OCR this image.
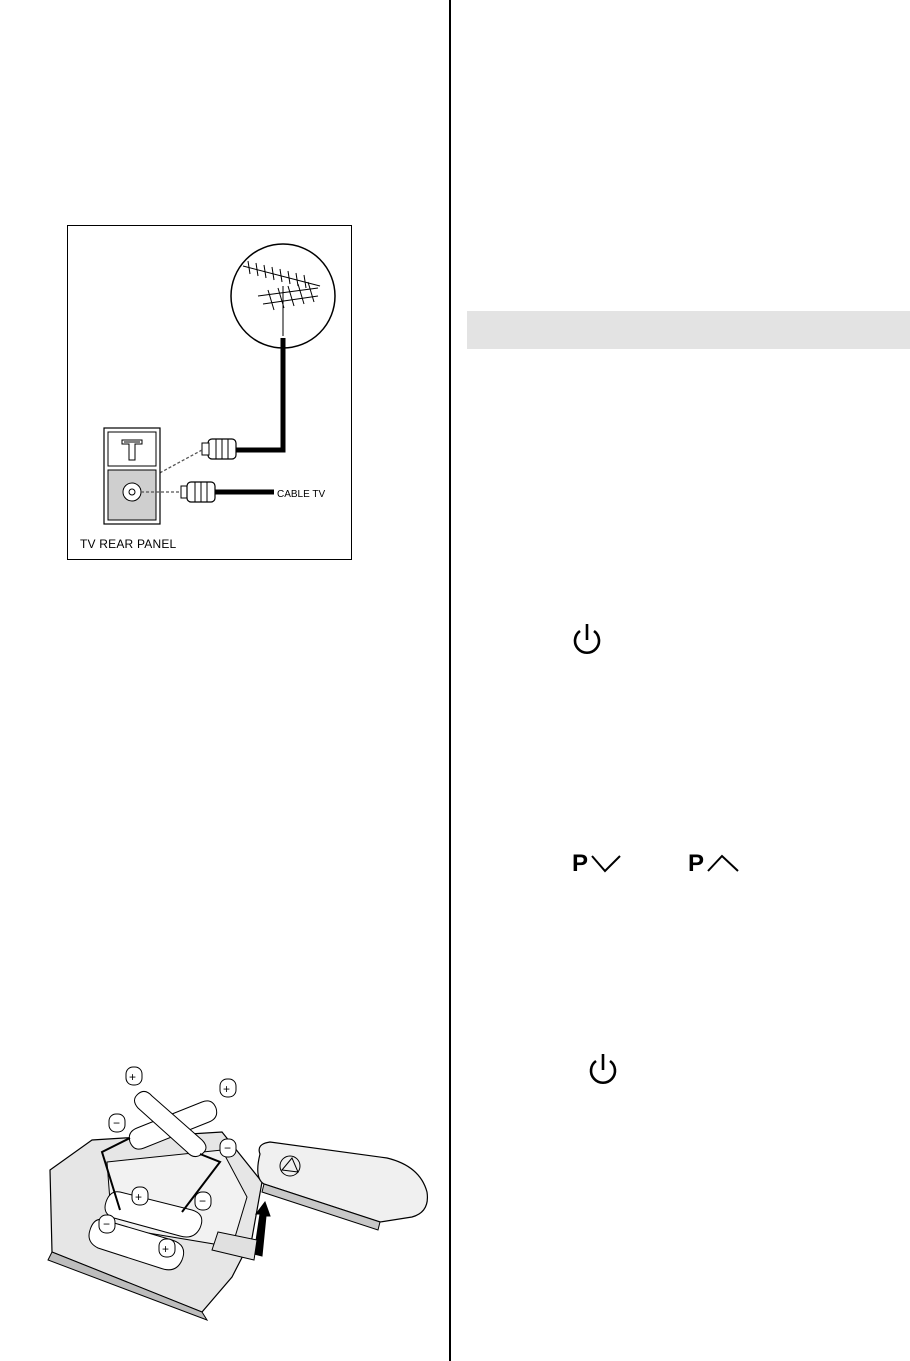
CABLE TV
TV REAR PANEL
P	P
+
+
−
−
+	−
−
+
